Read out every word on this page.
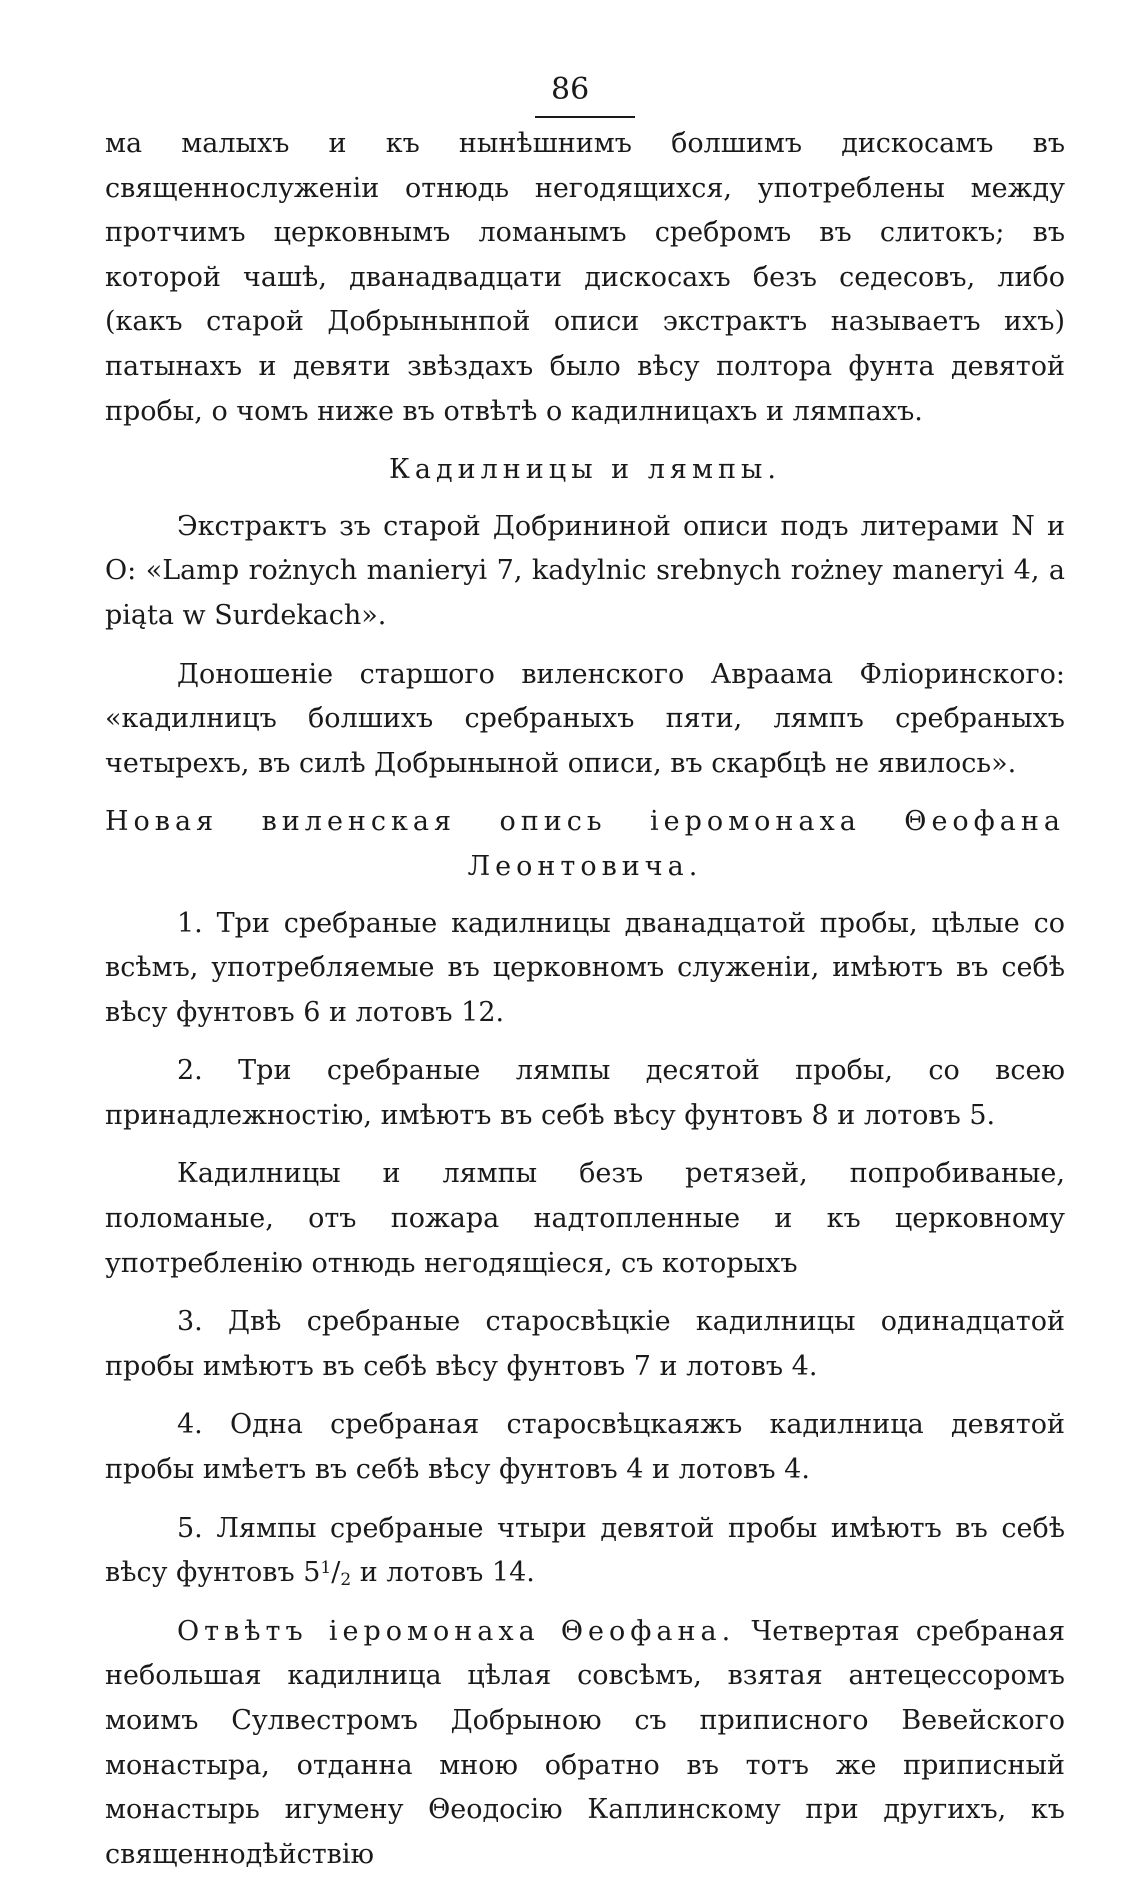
86

ма малыхъ и къ нынѣшнимъ болшимъ дискосамъ въ священнослуженіи отнюдь негодящихся, употреблены между протчимъ церковнымъ ломанымъ сребромъ въ слитокъ; въ которой чашѣ, дванадвадцати дискосахъ безъ седесовъ, либо (какъ старой Добрынынпой описи экстрактъ называетъ ихъ) патынахъ и девяти звѣздахъ было вѣсу полтора фунта девятой пробы, о чомъ ниже въ отвѣтѣ о кадилницахъ и лямпахъ.

Кадилницы и лямпы.

Экстрактъ зъ старой Добрининой описи подъ литерами N и O: «Lamp rożnych manieryi 7, kadylnic srebnych rożney maneryi 4, a piąta w Surdekach».

Доношеніе старшого виленского Авраама Фліоринского: «кадилницъ болшихъ сребраныхъ пяти, лямпъ сребраныхъ четырехъ, въ силѣ Добрыныной описи, въ скарбцѣ не явилось».

Новая виленская опись іеромонаха Θеофана Леонтовича.

1. Три сребраные кадилницы дванадцатой пробы, цѣлые со всѣмъ, употребляемые въ церковномъ служеніи, имѣютъ въ себѣ вѣсу фунтовъ 6 и лотовъ 12.

2. Три сребраные лямпы десятой пробы, со всею принадлежностію, имѣютъ въ себѣ вѣсу фунтовъ 8 и лотовъ 5.

Кадилницы и лямпы безъ ретязей, попробиваные, поломаные, отъ пожара надтопленные и къ церковному употребленію отнюдь негодящіеся, съ которыхъ

3. Двѣ сребраные старосвѣцкіе кадилницы одинадцатой пробы имѣютъ въ себѣ вѣсу фунтовъ 7 и лотовъ 4.

4. Одна сребраная старосвѣцкаяжъ кадилница девятой пробы имѣетъ въ себѣ вѣсу фунтовъ 4 и лотовъ 4.

5. Лямпы сребраные чтыри девятой пробы имѣютъ въ себѣ вѣсу фунтовъ $5^1/_2$ и лотовъ 14.

Отвѣтъ іеромонаха Θеофана. Четвертая сребраная небольшая кадилница цѣлая совсѣмъ, взятая антецессоромъ моимъ Сулвестромъ Добрыною съ приписного Вевейского монастыра, отданна мною обратно въ тотъ же приписный монастырь игумену Θеодосію Каплинскому при другихъ, къ священнодѣйствію
